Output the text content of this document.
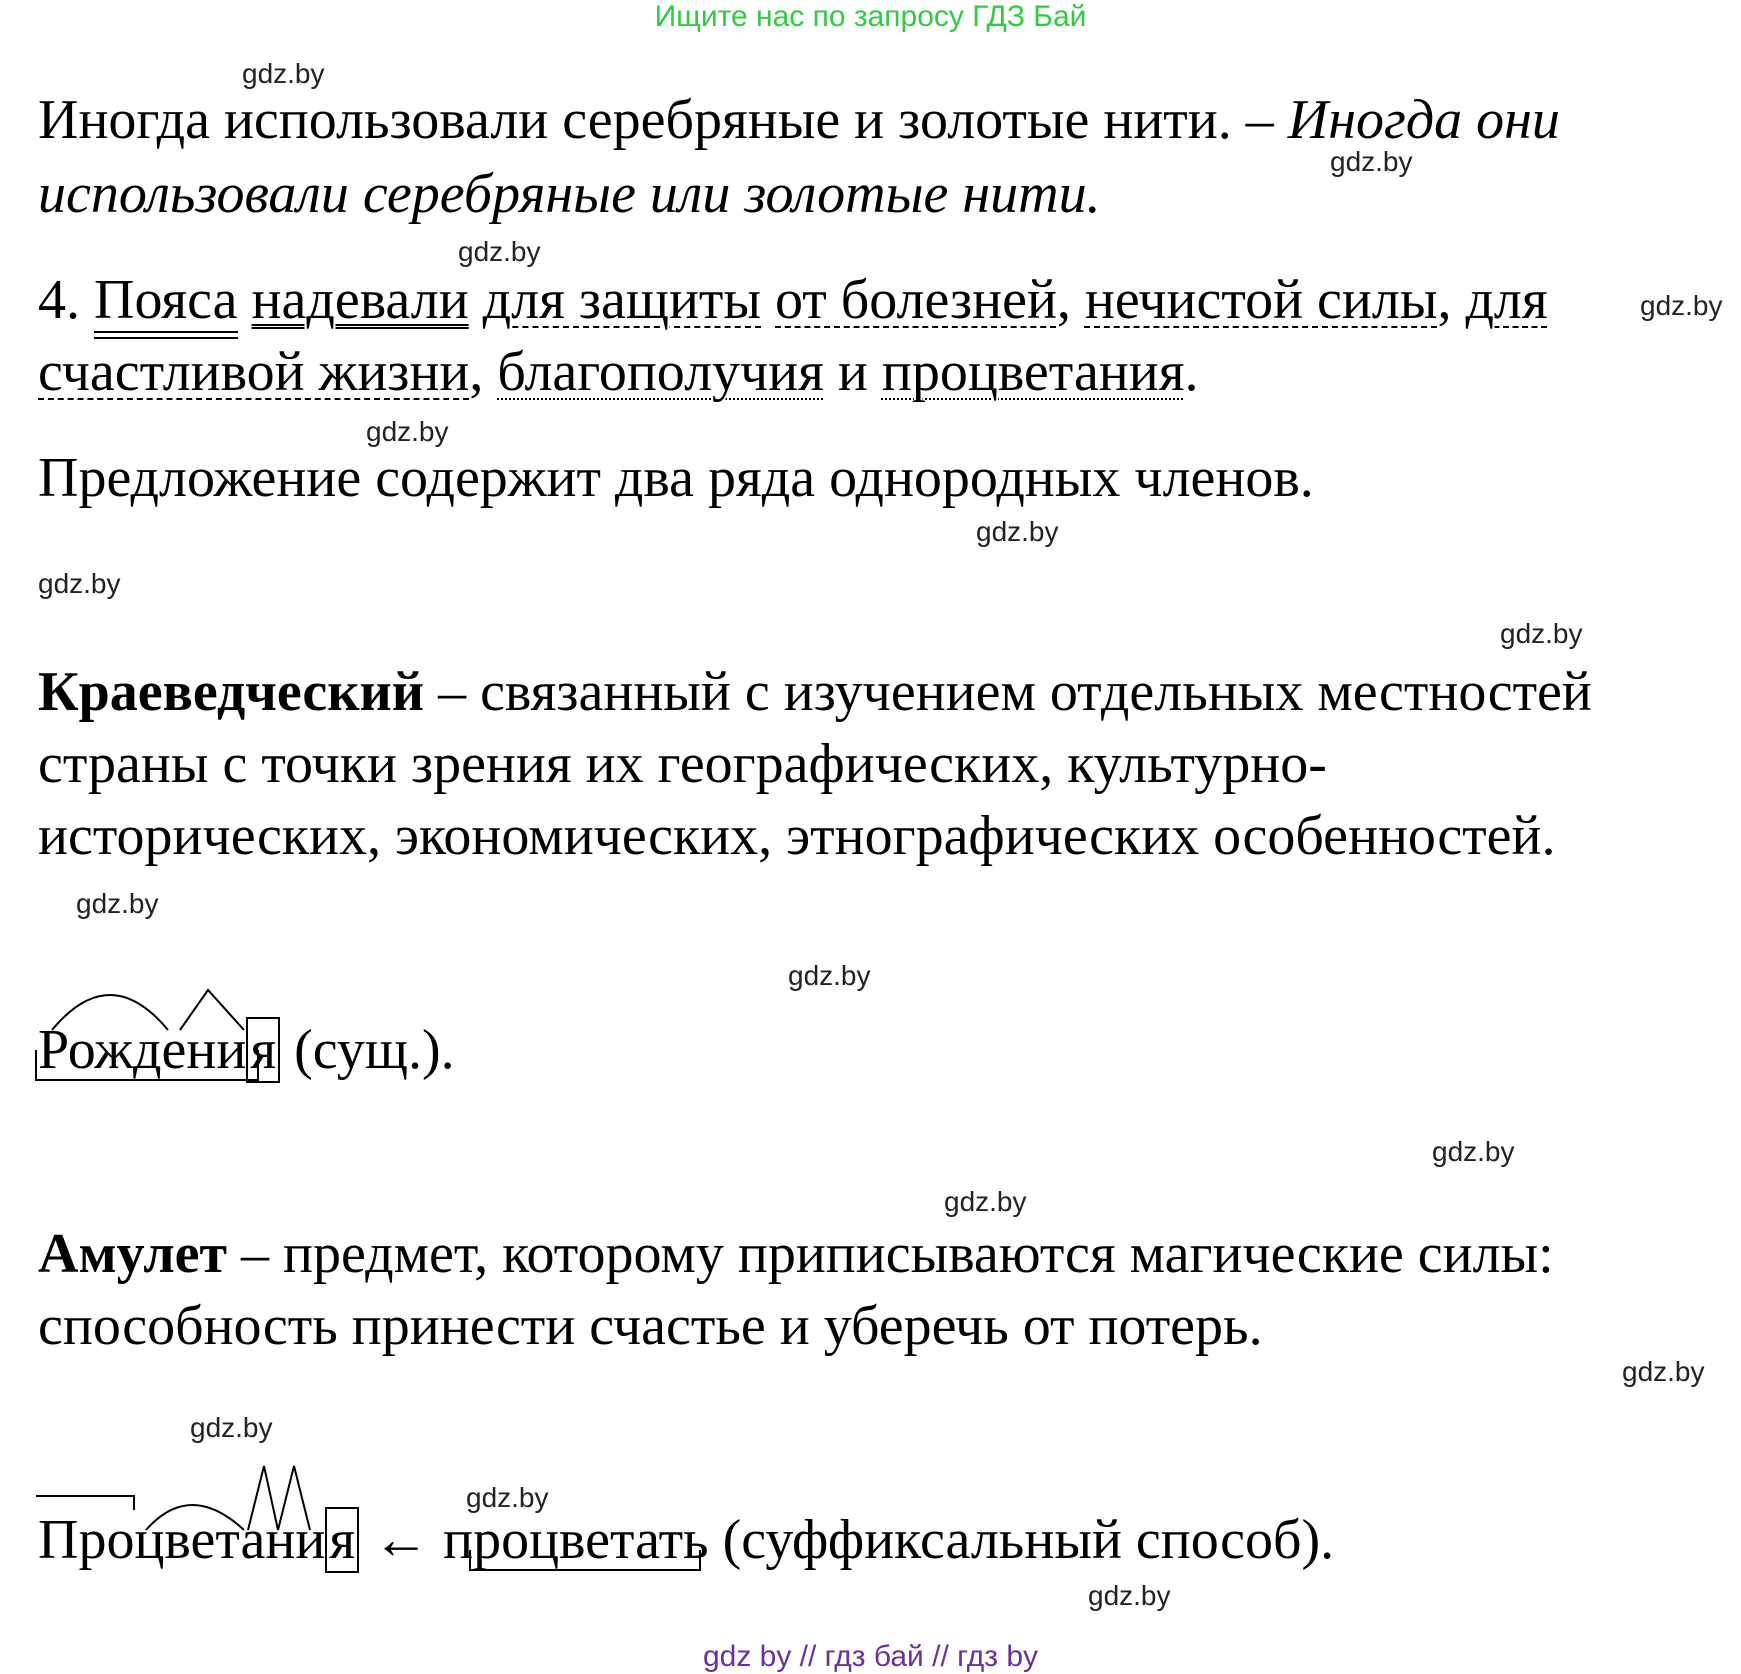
Ищите нас по запросу ГДЗ Бай
gdz.by
gdz.by
gdz.by
gdz.by
gdz.by
gdz.by
gdz.by
gdz.by
gdz.by
gdz.by
gdz.by
gdz.by
gdz.by
gdz.by
gdz.by
gdz.by
Иногда использовали серебряные и золотые нити. – Иногда они
использовали серебряные или золотые нити.
4. Пояса надевали для защиты от болезней, нечистой силы, для
счастливой жизни, благополучия и процветания.
Предложение содержит два ряда однородных членов.
Краеведческий – связанный с изучением отдельных местностей
страны с точки зрения их географических, культурно-
исторических, экономических, этнографических особенностей.
Рождения (сущ.).
Амулет – предмет, которому приписываются магические силы:
способность принести счастье и уберечь от потерь.
Процветания ← процветать (суффиксальный способ).
gdz by // гдз бай // гдз by
